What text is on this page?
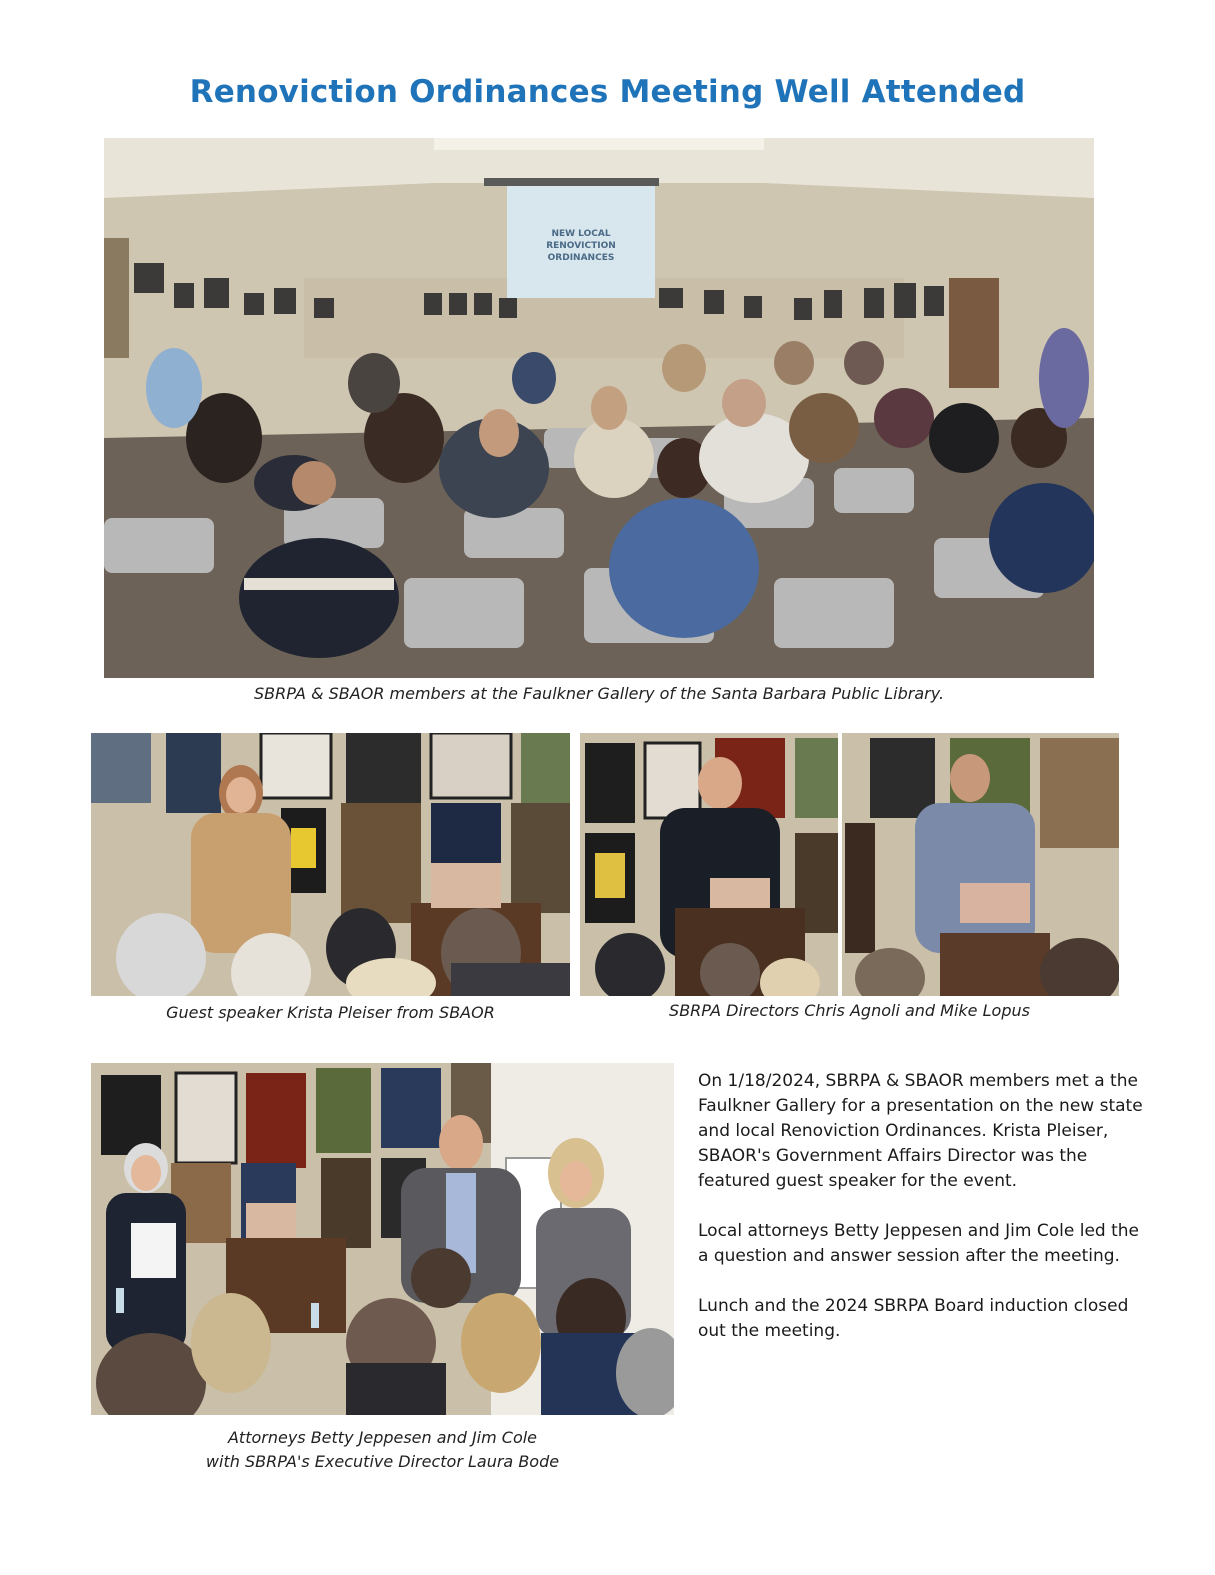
Renoviction Ordinances Meeting Well Attended
NEW LOCAL
RENOVICTION
ORDINANCES
SBRPA & SBAOR members at the Faulkner Gallery of the Santa Barbara Public Library.
Guest speaker Krista Pleiser from SBAOR	SBRPA Directors Chris Agnoli and Mike Lopus
Attorneys Betty Jeppesen and Jim Cole
with SBRPA's Executive Director Laura Bode

On 1/18/2024, SBRPA & SBAOR members met a the Faulkner Gallery for a presentation on the new state and local Renoviction Ordinances. Krista Pleiser, SBAOR's Government Affairs Director was the featured guest speaker for the event.

Local attorneys Betty Jeppesen and Jim Cole led the a question and answer session after the meeting.

Lunch and the 2024 SBRPA Board induction closed out the meeting.
